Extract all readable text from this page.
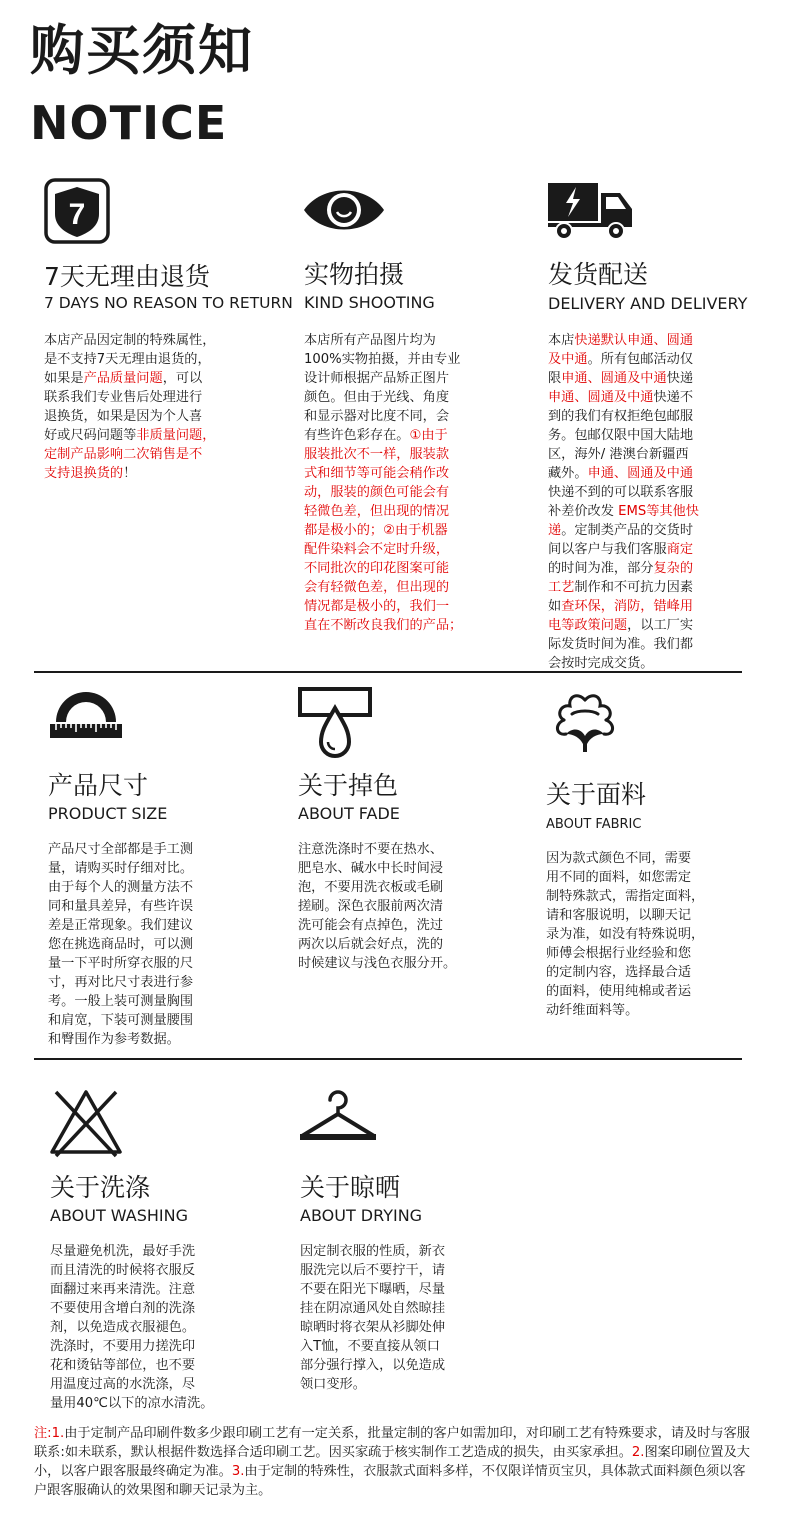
购买须知
NOTICE
7
7天无理由退货
7 DAYS NO REASON TO RETURN
本店产品因定制的特殊属性，
是不支持7天无理由退货的，
如果是产品质量问题，可以
联系我们专业售后处理进行
退换货，如果是因为个人喜
好或尺码问题等非质量问题，
定制产品影响二次销售是不
支持退换货的！
实物拍摄
KIND SHOOTING
本店所有产品图片均为
100%实物拍摄，并由专业
设计师根据产品矫正图片
颜色。但由于光线、角度
和显示器对比度不同，会
有些许色彩存在。①由于
服装批次不一样，服装款
式和细节等可能会稍作改
动，服装的颜色可能会有
轻微色差，但出现的情况
都是极小的；②由于机器
配件染料会不定时升级，
不同批次的印花图案可能
会有轻微色差，但出现的
情况都是极小的，我们一
直在不断改良我们的产品；
发货配送
DELIVERY AND DELIVERY
本店快递默认申通、圆通
及中通。所有包邮活动仅
限申通、圆通及中通快递
申通、圆通及中通快递不
到的我们有权拒绝包邮服
务。包邮仅限中国大陆地
区，海外/ 港澳台新疆西
藏外。申通、圆通及中通
快递不到的可以联系客服
补差价改发 EMS等其他快
递。定制类产品的交货时
间以客户与我们客服商定
的时间为准，部分复杂的
工艺制作和不可抗力因素
如查环保，消防，错峰用
电等政策问题，以工厂实
际发货时间为准。我们都
会按时完成交货。
产品尺寸
PRODUCT SIZE
产品尺寸全部都是手工测
量，请购买时仔细对比。
由于每个人的测量方法不
同和量具差异，有些许误
差是正常现象。我们建议
您在挑选商品时，可以测
量一下平时所穿衣服的尺
寸，再对比尺寸表进行参
考。一般上装可测量胸围
和肩宽，下装可测量腰围
和臀围作为参考数据。
关于掉色
ABOUT FADE
注意洗涤时不要在热水、
肥皂水、碱水中长时间浸
泡，不要用洗衣板或毛刷
搓刷。深色衣服前两次清
洗可能会有点掉色，洗过
两次以后就会好点，洗的
时候建议与浅色衣服分开。
关于面料
ABOUT FABRIC
因为款式颜色不同，需要
用不同的面料，如您需定
制特殊款式，需指定面料，
请和客服说明，以聊天记
录为准，如没有特殊说明，
师傅会根据行业经验和您
的定制内容，选择最合适
的面料，使用纯棉或者运
动纤维面料等。
关于洗涤
ABOUT WASHING
尽量避免机洗，最好手洗
而且清洗的时候将衣服反
面翻过来再来清洗。注意
不要使用含增白剂的洗涤
剂，以免造成衣服褪色。
洗涤时，不要用力搓洗印
花和烫钻等部位，也不要
用温度过高的水洗涤，尽
量用40℃以下的凉水清洗。
关于晾晒
ABOUT DRYING
因定制衣服的性质，新衣
服洗完以后不要拧干，请
不要在阳光下曝晒，尽量
挂在阴凉通风处自然晾挂
晾晒时将衣架从衫脚处伸
入T恤，不要直接从领口
部分强行撑入，以免造成
领口变形。
注:1.由于定制产品印刷件数多少跟印刷工艺有一定关系，批量定制的客户如需加印，对印刷工艺有特殊要求，请及时与客服联系:如未联系，默认根据件数选择合适印刷工艺。因买家疏于核实制作工艺造成的损失，由买家承担。2.图案印刷位置及大小，以客户跟客服最终确定为准。3.由于定制的特殊性，衣服款式面料多样，不仅限详情页宝贝，具体款式面料颜色须以客户跟客服确认的效果图和聊天记录为主。
